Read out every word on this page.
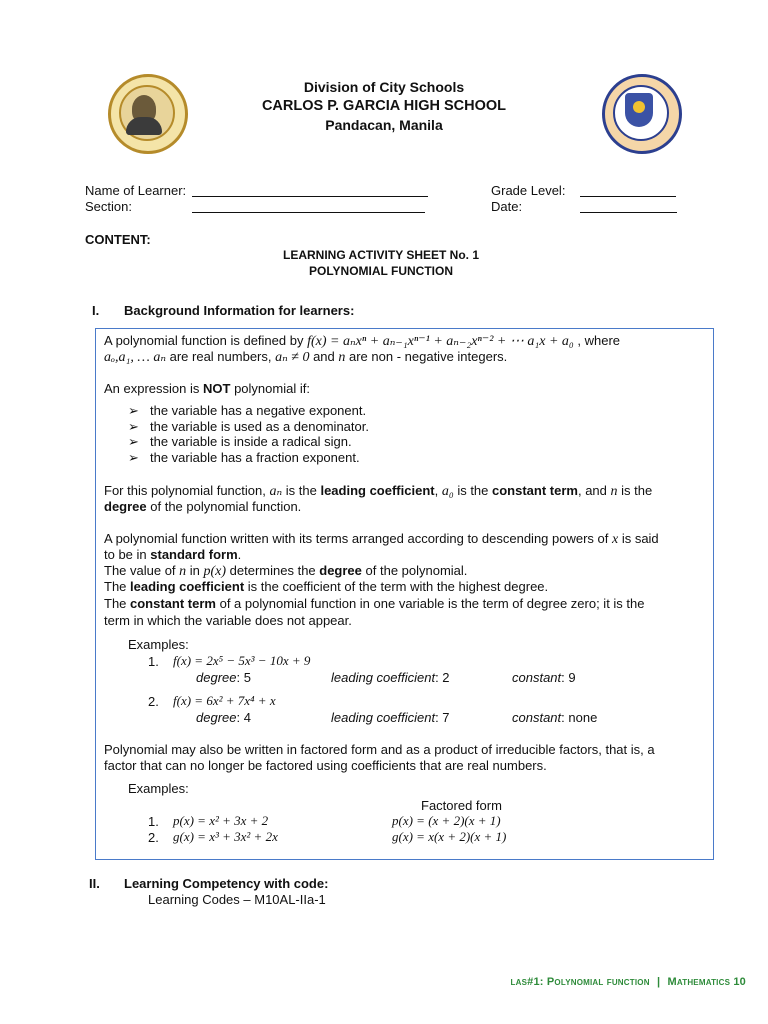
Division of City Schools
CARLOS P. GARCIA HIGH SCHOOL
Pandacan, Manila
Name of Learner:
Section:
Grade Level:
Date:
CONTENT:
LEARNING ACTIVITY SHEET No. 1
POLYNOMIAL FUNCTION
I. Background Information for learners:
A polynomial function is defined by f(x) = aₙxⁿ + aₙ₋₁xⁿ⁻¹ + aₙ₋₂xⁿ⁻² + ⋯ a₁x + a₀ , where
aₒ,a₁, … aₙ are real numbers, aₙ ≠ 0 and n are non - negative integers.
An expression is NOT polynomial if:
➢ the variable has a negative exponent.
➢ the variable is used as a denominator.
➢ the variable is inside a radical sign.
➢ the variable has a fraction exponent.
For this polynomial function, aₙ is the leading coefficient, a₀ is the constant term, and n is the
degree of the polynomial function.
A polynomial function written with its terms arranged according to descending powers of x is said
to be in standard form.
The value of n in p(x) determines the degree of the polynomial.
The leading coefficient is the coefficient of the term with the highest degree.
The constant term of a polynomial function in one variable is the term of degree zero; it is the
term in which the variable does not appear.
Examples:
1. f(x) = 2x⁵ − 5x³ − 10x + 9
degree: 5	leading coefficient: 2	constant: 9
2. f(x) = 6x² + 7x⁴ + x
degree: 4	leading coefficient: 7	constant: none
Polynomial may also be written in factored form and as a product of irreducible factors, that is, a
factor that can no longer be factored using coefficients that are real numbers.
Examples:
Factored form
1. p(x) = x² + 3x + 2	p(x) = (x + 2)(x + 1)
2. g(x) = x³ + 3x² + 2x	g(x) = x(x + 2)(x + 1)
II. Learning Competency with code:
Learning Codes – M10AL-IIa-1
las#1: Polynomial function | Mathematics 10
